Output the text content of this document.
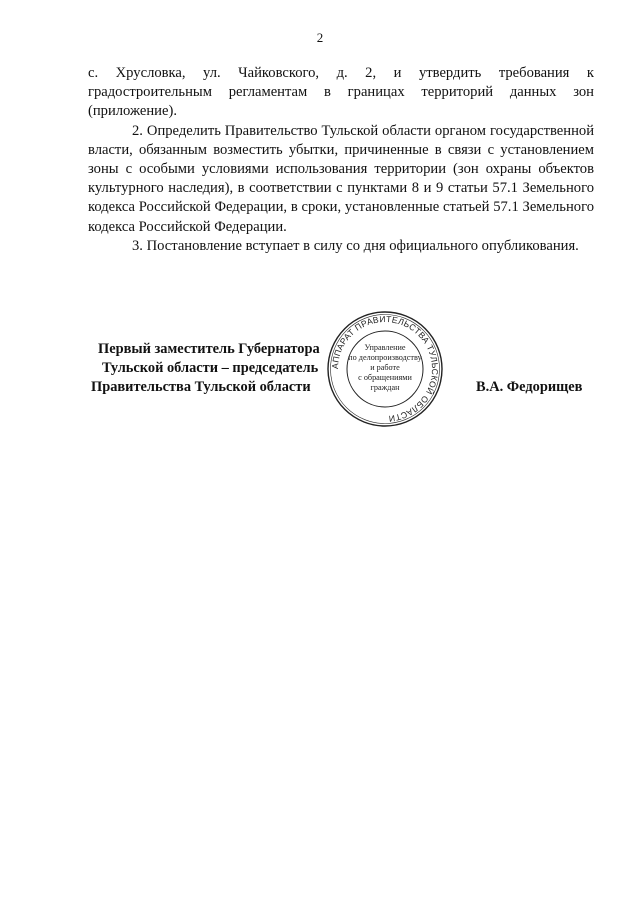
2

с. Хрусловка, ул. Чайковского, д. 2, и утвердить требования к градостроительным регламентам в границах территорий данных зон (приложение).

2. Определить Правительство Тульской области органом государственной власти, обязанным возместить убытки, причиненные в связи с установлением зоны с особыми условиями использования территории (зон охраны объектов культурного наследия), в соответствии с пунктами 8 и 9 статьи 57.1 Земельного кодекса Российской Федерации, в сроки, установленные статьей 57.1 Земельного кодекса Российской Федерации.

3. Постановление вступает в силу со дня официального опубликования.

Первый заместитель Губернатора
Тульской области – председатель
Правительства Тульской области	В.А. Федорищев
АППАРАТ ПРАВИТЕЛЬСТВА ТУЛЬСКОЙ ОБЛАСТИ
Управление
по делопроизводству
и работе
с обращениями
граждан
